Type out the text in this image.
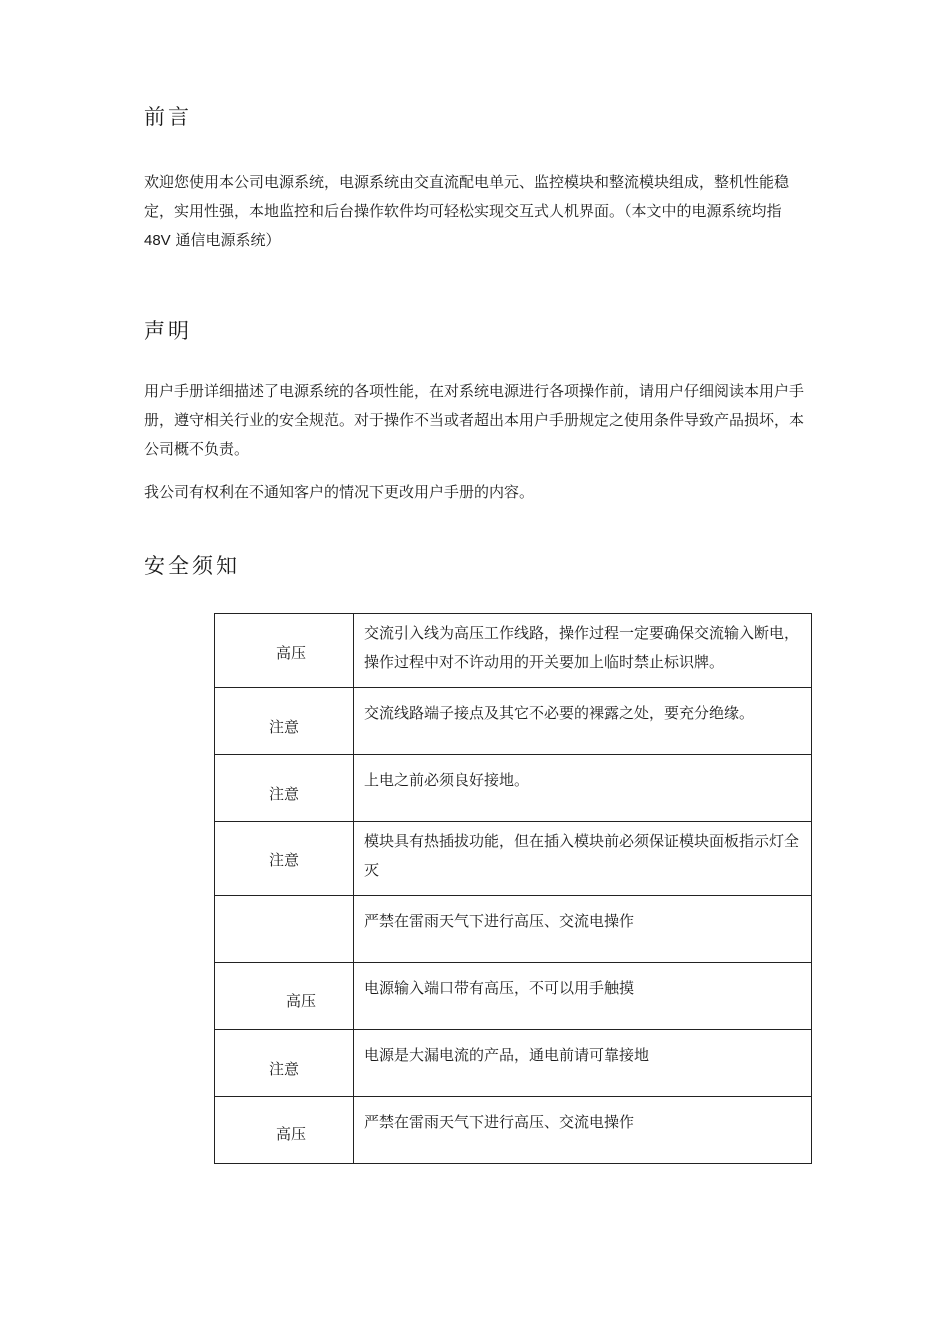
前言

欢迎您使用本公司电源系统，电源系统由交直流配电单元、监控模块和整流模块组成，整机性能稳定，实用性强，本地监控和后台操作软件均可轻松实现交互式人机界面。（本文中的电源系统均指 48V 通信电源系统）

声明

用户手册详细描述了电源系统的各项性能，在对系统电源进行各项操作前，请用户仔细阅读本用户手册，遵守相关行业的安全规范。对于操作不当或者超出本用户手册规定之使用条件导致产品损坏，本公司概不负责。

我公司有权利在不通知客户的情况下更改用户手册的内容。

安全须知
高压	交流引入线为高压工作线路，操作过程一定要确保交流输入断电，操作过程中对不许动用的开关要加上临时禁止标识牌。

注意	交流线路端子接点及其它不必要的裸露之处，要充分绝缘。

注意	上电之前必须良好接地。

注意	模块具有热插拔功能，但在插入模块前必须保证模块面板指示灯全灭

	严禁在雷雨天气下进行高压、交流电操作

高压	电源输入端口带有高压，不可以用手触摸

注意	电源是大漏电流的产品，通电前请可靠接地

高压	严禁在雷雨天气下进行高压、交流电操作
